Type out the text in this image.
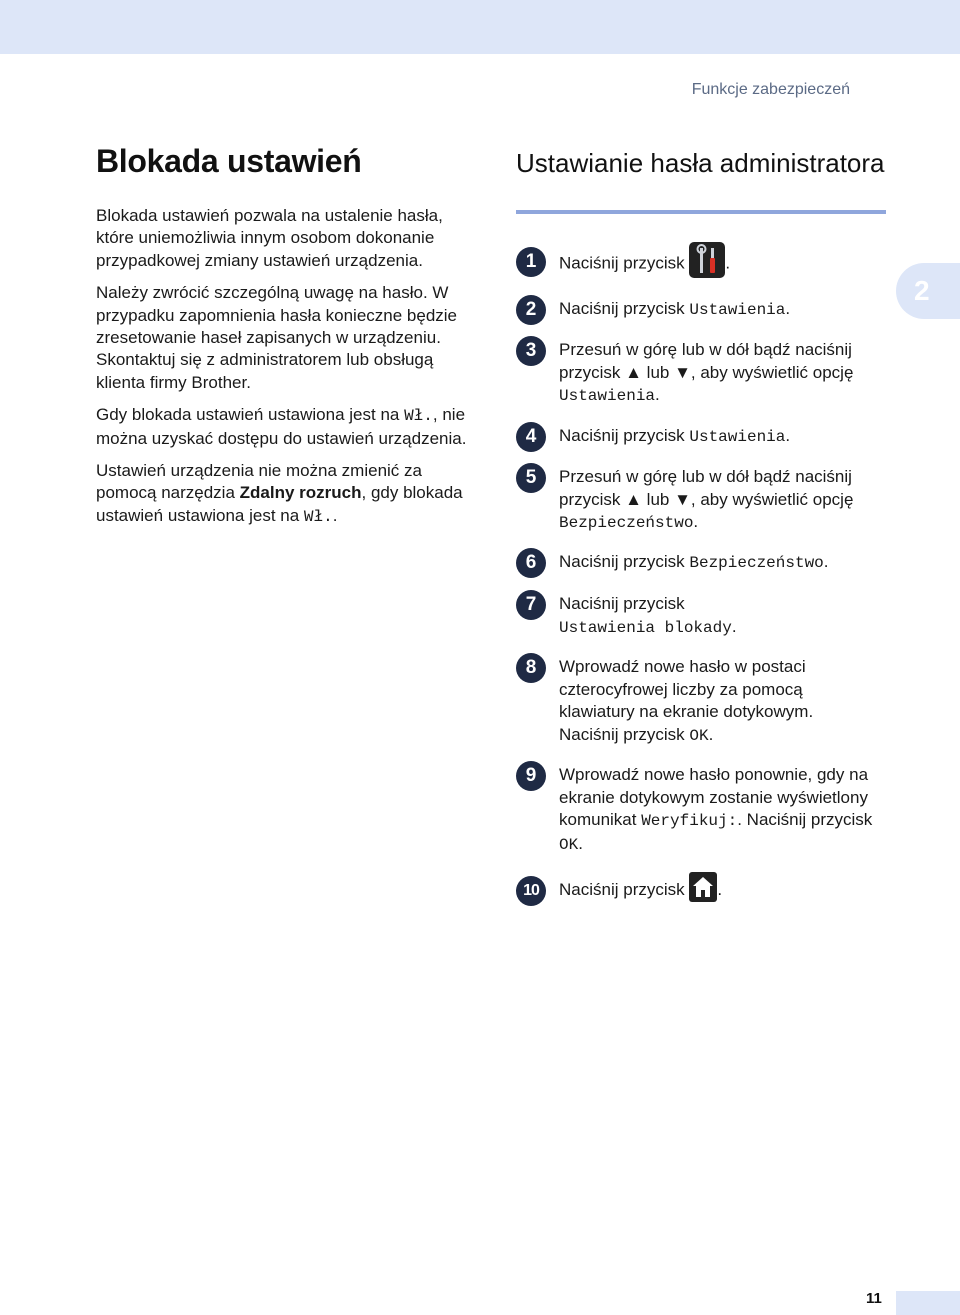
Funkcje zabezpieczeń
Blokada ustawień

Blokada ustawień pozwala na ustalenie hasła, które uniemożliwia innym osobom dokonanie przypadkowej zmiany ustawień urządzenia.

Należy zwrócić szczególną uwagę na hasło. W przypadku zapomnienia hasła konieczne będzie zresetowanie haseł zapisanych w urządzeniu. Skontaktuj się z administratorem lub obsługą klienta firmy Brother.

Gdy blokada ustawień ustawiona jest na Wł., nie można uzyskać dostępu do ustawień urządzenia.

Ustawień urządzenia nie można zmienić za pomocą narzędzia Zdalny rozruch, gdy blokada ustawień ustawiona jest na Wł..

Ustawianie hasła administratora
2
1	Naciśnij przycisk
.
2	Naciśnij przycisk Ustawienia.
3	Przesuń w górę lub w dół bądź naciśnij przycisk ▲ lub ▼, aby wyświetlić opcję Ustawienia.
4	Naciśnij przycisk Ustawienia.
5	Przesuń w górę lub w dół bądź naciśnij przycisk ▲ lub ▼, aby wyświetlić opcję Bezpieczeństwo.
6	Naciśnij przycisk Bezpieczeństwo.
7	Naciśnij przycisk Ustawienia blokady.
8	Wprowadź nowe hasło w postaci czterocyfrowej liczby za pomocą klawiatury na ekranie dotykowym. Naciśnij przycisk OK.
9	Wprowadź nowe hasło ponownie, gdy na ekranie dotykowym zostanie wyświetlony komunikat Weryfikuj:. Naciśnij przycisk OK.
10	Naciśnij przycisk
.
11
